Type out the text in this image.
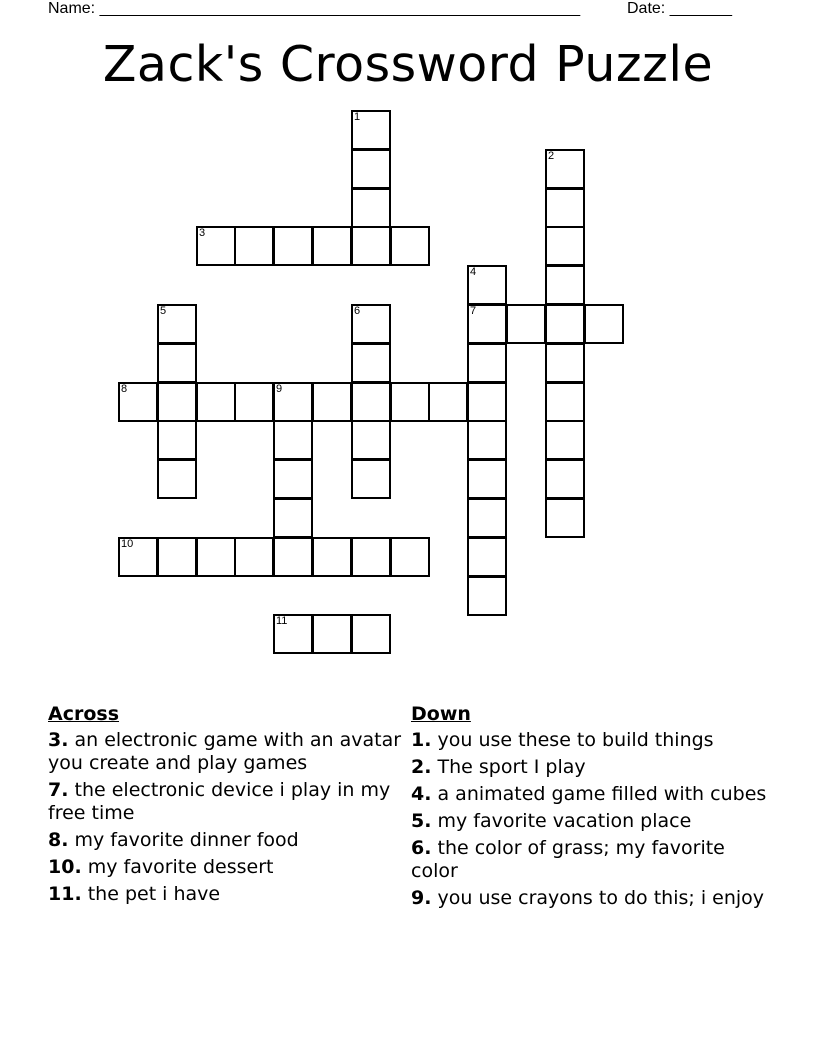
Name: ______________________________________________________	Date: _______
Zack's Crossword Puzzle
1
2
3
4
7
5	6
8	9
10
11
Across
3. an electronic game with an avatar you create and play games
7. the electronic device i play in my free time
8. my favorite dinner food
10. my favorite dessert
11. the pet i have
Down
1. you use these to build things
2. The sport I play
4. a animated game filled with cubes
5. my favorite vacation place
6. the color of grass; my favorite color
9. you use crayons to do this; i enjoy
